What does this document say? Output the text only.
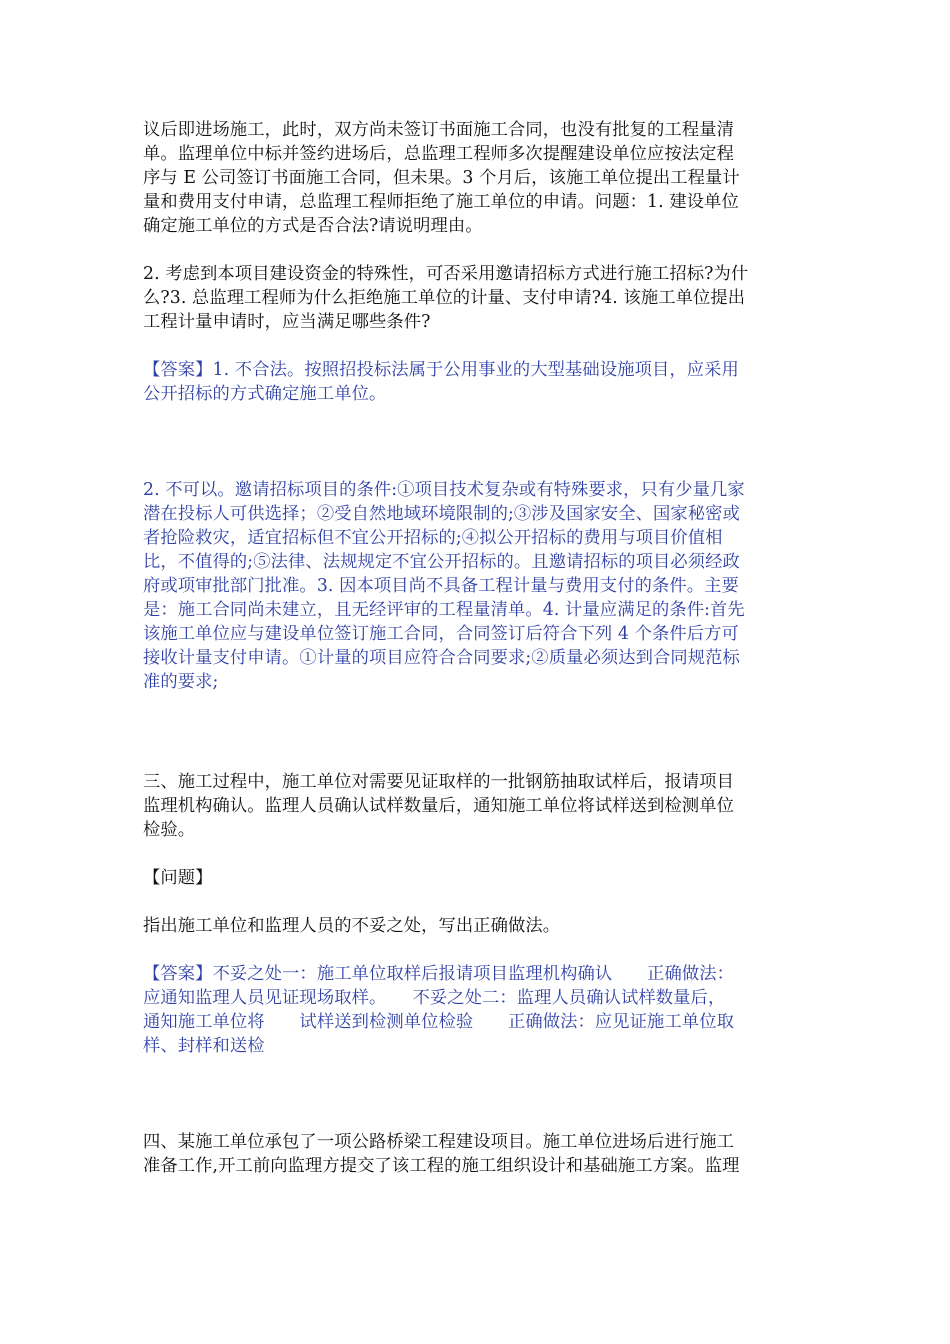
议后即进场施工，此时，双方尚未签订书面施工合同，也没有批复的工程量清
单。监理单位中标并签约进场后，总监理工程师多次提醒建设单位应按法定程
序与 E 公司签订书面施工合同，但未果。3 个月后，该施工单位提出工程量计
量和费用支付申请，总监理工程师拒绝了施工单位的申请。问题：1. 建设单位
确定施工单位的方式是否合法?请说明理由。
2. 考虑到本项目建设资金的特殊性，可否采用邀请招标方式进行施工招标?为什
么?3. 总监理工程师为什么拒绝施工单位的计量、支付申请?4. 该施工单位提出
工程计量申请时，应当满足哪些条件?
【答案】1. 不合法。按照招投标法属于公用事业的大型基础设施项目，应采用
公开招标的方式确定施工单位。
2. 不可以。邀请招标项目的条件:①项目技术复杂或有特殊要求，只有少量几家
潜在投标人可供选择；②受自然地域环境限制的;③涉及国家安全、国家秘密或
者抢险救灾，适宜招标但不宜公开招标的;④拟公开招标的费用与项目价值相
比，不值得的;⑤法律、法规规定不宜公开招标的。且邀请招标的项目必须经政
府或项审批部门批准。3. 因本项目尚不具备工程计量与费用支付的条件。主要
是：施工合同尚未建立，且无经评审的工程量清单。4. 计量应满足的条件:首先
该施工单位应与建设单位签订施工合同，合同签订后符合下列 4 个条件后方可
接收计量支付申请。①计量的项目应符合合同要求;②质量必须达到合同规范标
准的要求;
三、施工过程中，施工单位对需要见证取样的一批钢筋抽取试样后，报请项目
监理机构确认。监理人员确认试样数量后，通知施工单位将试样送到检测单位
检验。
【问题】
指出施工单位和监理人员的不妥之处，写出正确做法。
【答案】不妥之处一：施工单位取样后报请项目监理机构确认　　正确做法：
应通知监理人员见证现场取样。　　不妥之处二：监理人员确认试样数量后，
通知施工单位将　　试样送到检测单位检验　　正确做法：应见证施工单位取
样、封样和送检
四、某施工单位承包了一项公路桥梁工程建设项目。施工单位进场后进行施工
准备工作,开工前向监理方提交了该工程的施工组织设计和基础施工方案。监理
